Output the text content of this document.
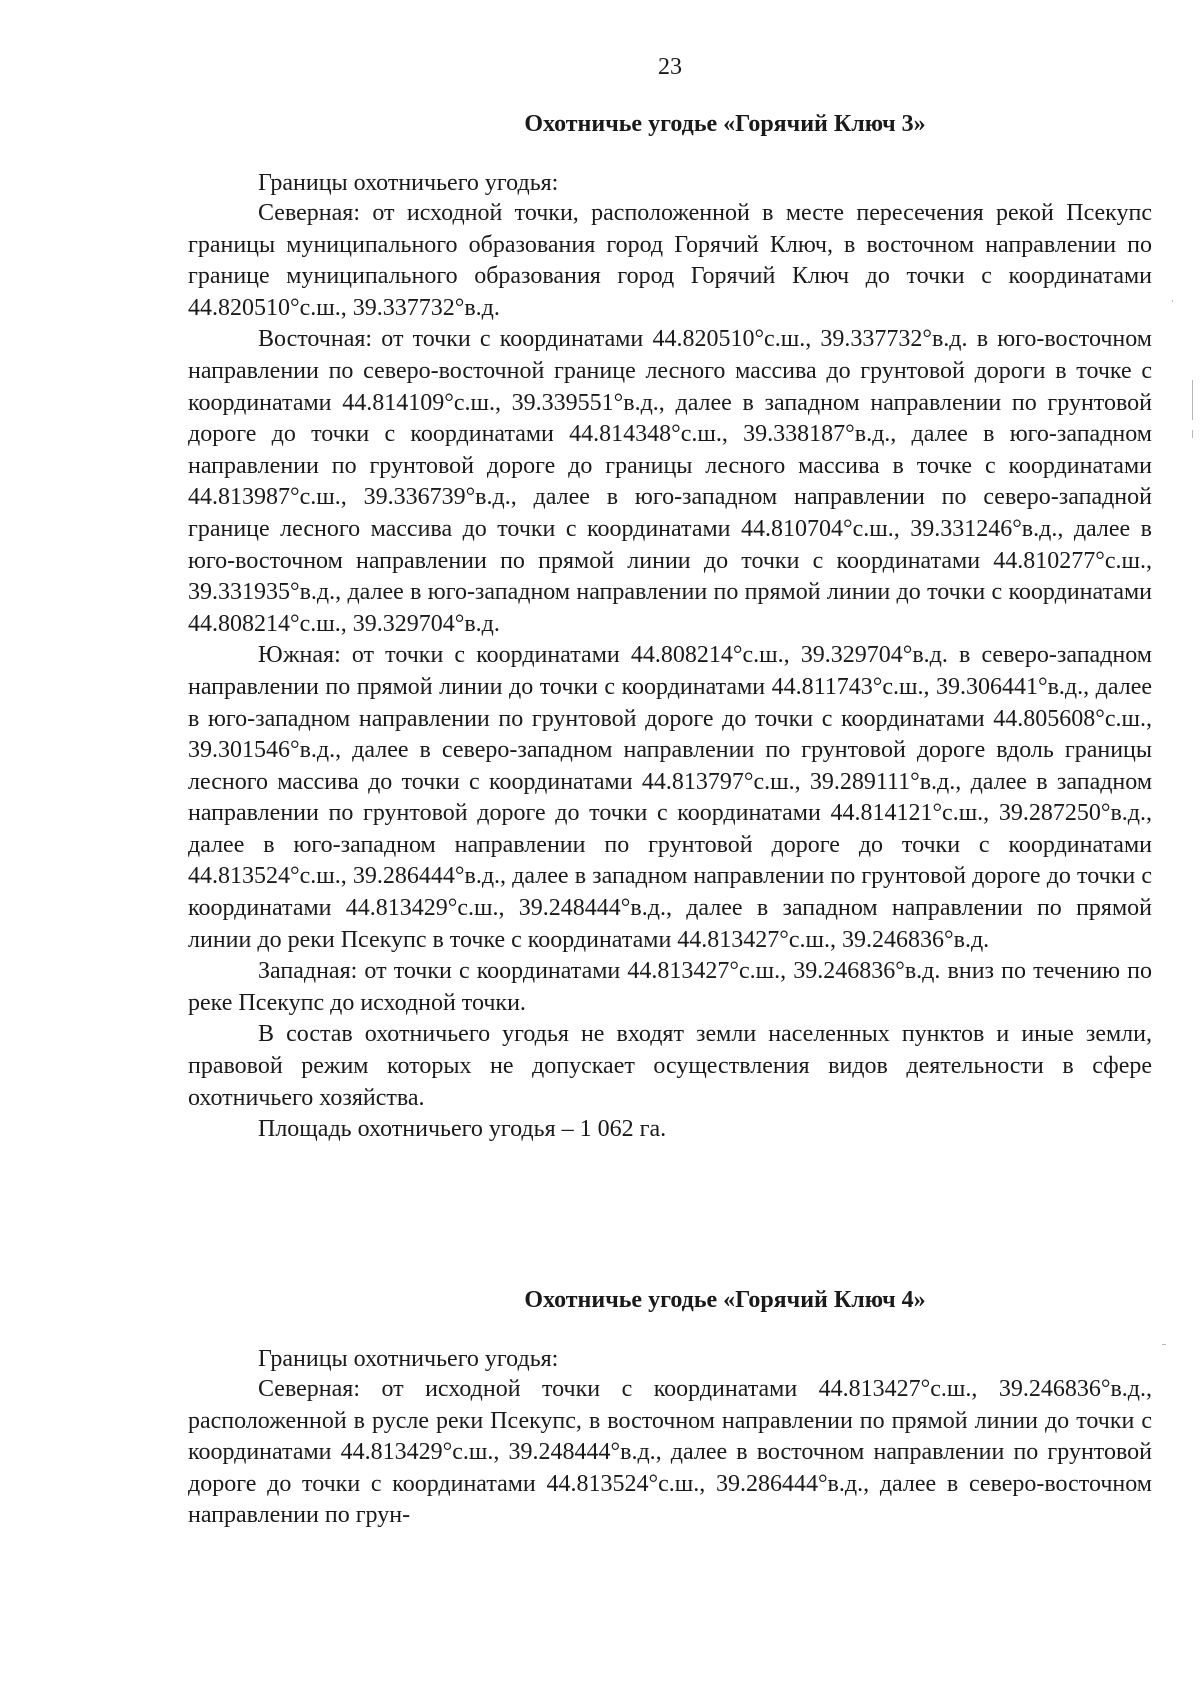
23
Охотничье угодье «Горячий Ключ 3»

Границы охотничьего угодья:

Северная: от исходной точки, расположенной в месте пересечения рекой Псекупс границы муниципального образования город Горячий Ключ, в восточном направлении по границе муниципального образования город Горячий Ключ до точки с координатами 44.820510°с.ш., 39.337732°в.д.

Восточная: от точки с координатами 44.820510°с.ш., 39.337732°в.д. в юго-восточном направлении по северо-восточной границе лесного массива до грунтовой дороги в точке с координатами 44.814109°с.ш., 39.339551°в.д., далее в западном направлении по грунтовой дороге до точки с координатами 44.814348°с.ш., 39.338187°в.д., далее в юго-западном направлении по грунтовой дороге до границы лесного массива в точке с координатами 44.813987°с.ш., 39.336739°в.д., далее в юго-западном направлении по северо-западной границе лесного массива до точки с координатами 44.810704°с.ш., 39.331246°в.д., далее в юго-восточном направлении по прямой линии до точки с координатами 44.810277°с.ш., 39.331935°в.д., далее в юго-западном направлении по прямой линии до точки с координатами 44.808214°с.ш., 39.329704°в.д.

Южная: от точки с координатами 44.808214°с.ш., 39.329704°в.д. в северо-западном направлении по прямой линии до точки с координатами 44.811743°с.ш., 39.306441°в.д., далее в юго-западном направлении по грунтовой дороге до точки с координатами 44.805608°с.ш., 39.301546°в.д., далее в северо-западном направлении по грунтовой дороге вдоль границы лесного массива до точки с координатами 44.813797°с.ш., 39.289111°в.д., далее в западном направлении по грунтовой дороге до точки с координатами 44.814121°с.ш., 39.287250°в.д., далее в юго-западном направлении по грунтовой дороге до точки с координатами 44.813524°с.ш., 39.286444°в.д., далее в западном направлении по грунтовой дороге до точки с координатами 44.813429°с.ш., 39.248444°в.д., далее в западном направлении по прямой линии до реки Псекупс в точке с координатами 44.813427°с.ш., 39.246836°в.д.

Западная: от точки с координатами 44.813427°с.ш., 39.246836°в.д. вниз по течению по реке Псекупс до исходной точки.

В состав охотничьего угодья не входят земли населенных пунктов и иные земли, правовой режим которых не допускает осуществления видов деятельности в сфере охотничьего хозяйства.

Площадь охотничьего угодья – 1 062 га.

Охотничье угодье «Горячий Ключ 4»

Границы охотничьего угодья:

Северная: от исходной точки с координатами 44.813427°с.ш., 39.246836°в.д., расположенной в русле реки Псекупс, в восточном направлении по прямой линии до точки с координатами 44.813429°с.ш., 39.248444°в.д., далее в восточном направлении по грунтовой дороге до точки с координатами 44.813524°с.ш., 39.286444°в.д., далее в северо-восточном направлении по грун-
